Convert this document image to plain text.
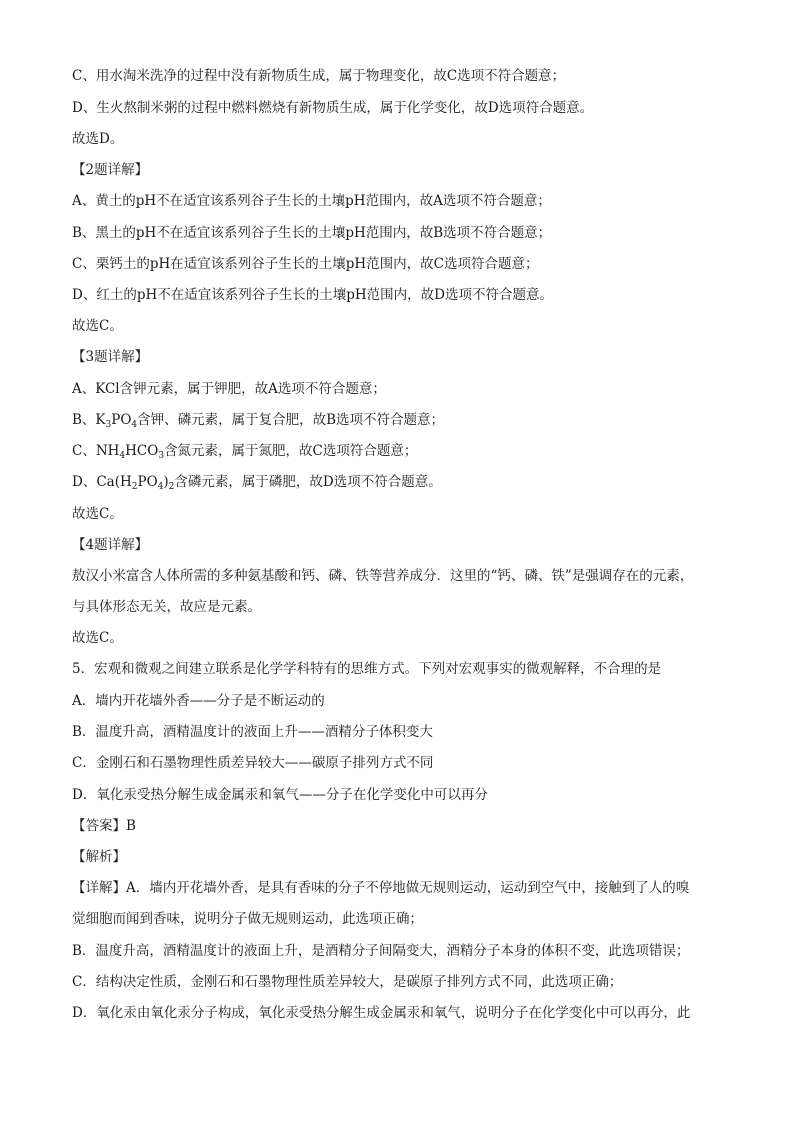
C、用水淘米洗净的过程中没有新物质生成，属于物理变化，故C选项不符合题意；
D、生火熬制米粥的过程中燃料燃烧有新物质生成，属于化学变化，故D选项符合题意。
故选D。
【2题详解】
A、黄土的pH不在适宜该系列谷子生长的土壤pH范围内，故A选项不符合题意；
B、黑土的pH不在适宜该系列谷子生长的土壤pH范围内，故B选项不符合题意；
C、栗钙土的pH在适宜该系列谷子生长的土壤pH范围内，故C选项符合题意；
D、红土的pH不在适宜该系列谷子生长的土壤pH范围内，故D选项不符合题意。
故选C。
【3题详解】
A、KCl含钾元素，属于钾肥，故A选项不符合题意；
B、$K_3PO_4$含钾、磷元素，属于复合肥，故B选项不符合题意；
C、$NH_4HCO_3$含氮元素，属于氮肥，故C选项符合题意；
D、$Ca(H_2PO_4)_2$含磷元素，属于磷肥，故D选项不符合题意。
故选C。
【4题详解】
敖汉小米富含人体所需的多种氨基酸和钙、磷、铁等营养成分．这里的“钙、磷、铁”是强调存在的元素，
与具体形态无关，故应是元素。
故选C。
5．宏观和微观之间建立联系是化学学科特有的思维方式。下列对宏观事实的微观解释，不合理的是
A．墙内开花墙外香——分子是不断运动的
B．温度升高，酒精温度计的液面上升——酒精分子体积变大
C．金刚石和石墨物理性质差异较大——碳原子排列方式不同
D．氧化汞受热分解生成金属汞和氧气——分子在化学变化中可以再分
【答案】B
【解析】
【详解】A．墙内开花墙外香，是具有香味的分子不停地做无规则运动，运动到空气中，接触到了人的嗅
觉细胞而闻到香味，说明分子做无规则运动，此选项正确；
B．温度升高，酒精温度计的液面上升，是酒精分子间隔变大，酒精分子本身的体积不变，此选项错误；
C．结构决定性质，金刚石和石墨物理性质差异较大，是碳原子排列方式不同，此选项正确；
D．氧化汞由氧化汞分子构成，氧化汞受热分解生成金属汞和氧气，说明分子在化学变化中可以再分，此
